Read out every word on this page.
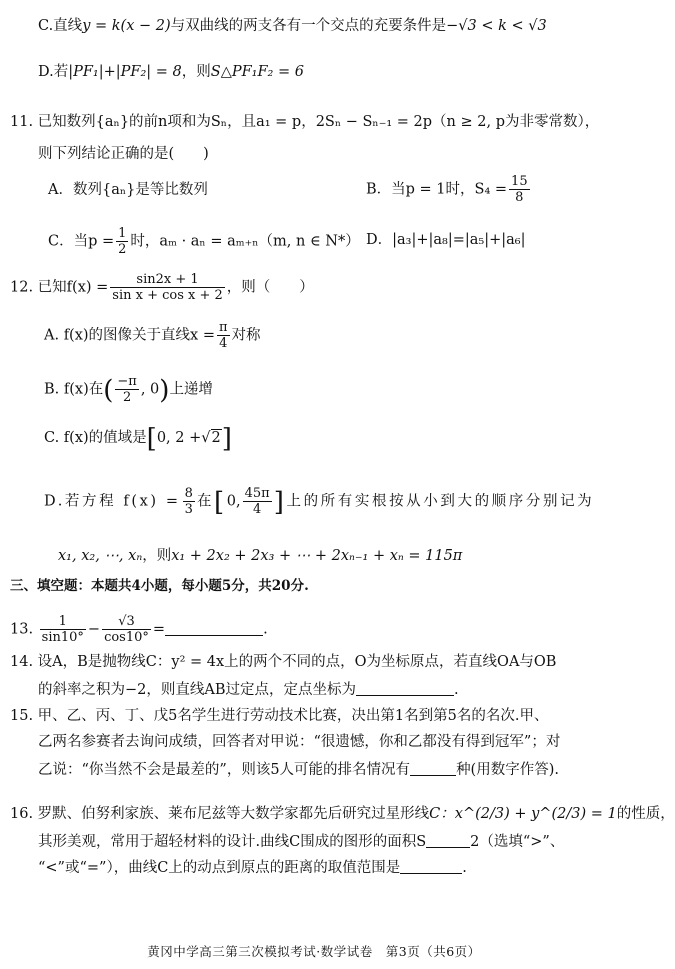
C.直线y = k(x − 2)与双曲线的两支各有一个交点的充要条件是−√3 < k < √3
D.若|PF₁|+|PF₂| = 8，则S△PF₁F₂ = 6
11. 已知数列{aₙ}的前n项和为Sₙ，且a₁ = p，2Sₙ − Sₙ₋₁ = 2p（n ≥ 2, p为非零常数），
则下列结论正确的是(　　)
A．数列{aₙ}是等比数列	B．当p = 1时，$S_4 = \frac{15}{8}$
C．当$p = \frac{1}{2}$ 时，aₘ · aₙ = aₘ₊ₙ（m, n ∈ N*） D．|a₃|+|a₈|=|a₅|+|a₆|
12. 已知$f(x) = \frac{\sin 2x + 1}{\text{sin x + cos x + 2}}$ ，则（　　）
A. f(x)的图像关于直线$x = \frac{\pi}{4}$ 对称
B. f(x)在( $\frac{-\pi}{2}$ , 0)上递增
C. f(x)的值域是[0, 2 +√2]
D.若方程 $f(x) = \frac{8}{3}$ 在[0, $\frac{45\pi}{4}$ ]上的所有实根按从小到大的顺序分别记为
x₁, x₂, ⋯, xₙ，则x₁ + 2x₂ + 2x₃ + ⋯ + 2xₙ₋₁ + xₙ = 115π
三、填空题：本题共4小题，每小题5分，共20分.
13. $\frac{1}{\sin 10^\circ} - \frac{√3}{\cos 10^\circ}$ =	.
14. 设A，B是抛物线C：y² = 4x上的两个不同的点，O为坐标原点，若直线OA与OB
的斜率之积为−2，则直线AB过定点，定点坐标为	.
15. 甲、乙、丙、丁、戊5名学生进行劳动技术比赛，决出第1名到第5名的名次.甲、
乙两名参赛者去询问成绩，回答者对甲说：“很遗憾，你和乙都没有得到冠军”；对
乙说：“你当然不会是最差的”，则该5人可能的排名情况有	种(用数字作答).
16. 罗默、伯努利家族、莱布尼兹等大数学家都先后研究过星形线C：x^(2/3) + y^(2/3) = 1的性质，
其形美观，常用于超轻材料的设计.曲线C围成的图形的面积S	2（选填“>”、
“<”或“=”），曲线C上的动点到原点的距离的取值范围是	.
黄冈中学高三第三次模拟考试·数学试卷　第3页（共6页）
